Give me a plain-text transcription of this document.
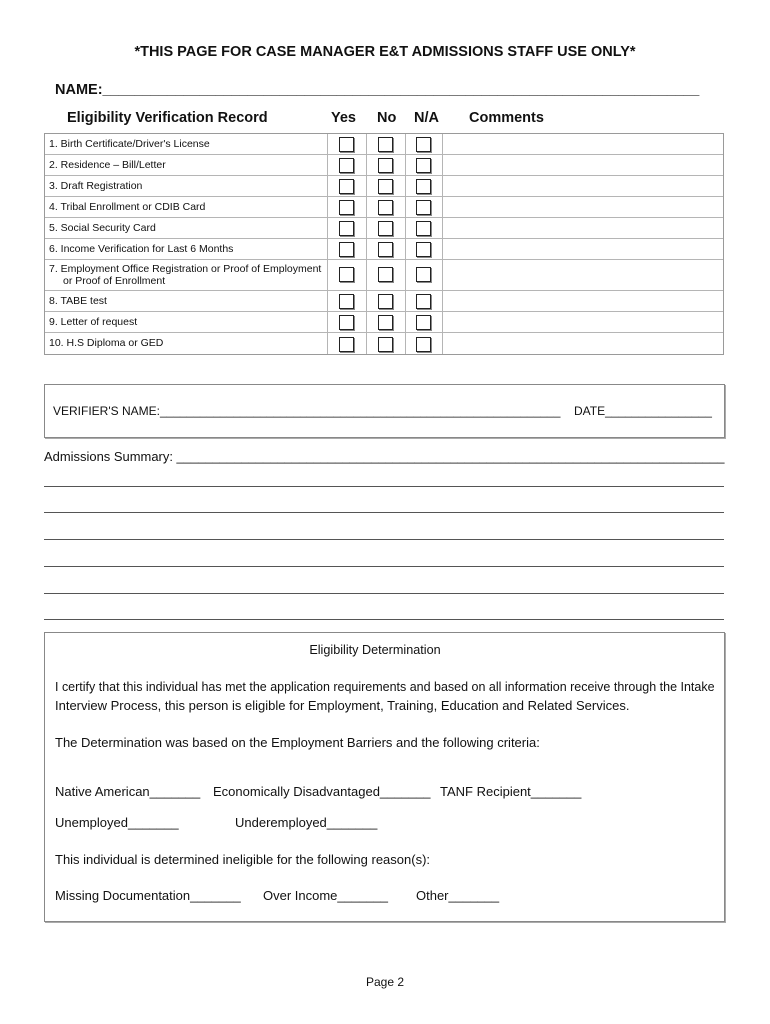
*THIS PAGE FOR CASE MANAGER E&T ADMISSIONS STAFF USE ONLY*
NAME:__________________________________________________________________________
Eligibility Verification Record	Yes No N/A Comments
1. Birth Certificate/Driver's License
2. Residence – Bill/Letter
3. Draft Registration
4. Tribal Enrollment or CDIB Card
5. Social Security Card
6. Income Verification for Last 6 Months
7. Employment Office Registration or Proof of Employment
or Proof of Enrollment
8. TABE test
9. Letter of request
10. H.S Diploma or GED
VERIFIER'S NAME:____________________________________________________________ DATE________________
Admissions Summary: ____________________________________________________________________________
Eligibility Determination
I certify that this individual has met the application requirements and based on all information receive through the Intake
Interview Process, this person is eligible for Employment, Training, Education and Related Services.
The Determination was based on the Employment Barriers and the following criteria:
Native American_______ Economically Disadvantaged_______ TANF Recipient_______
Unemployed_______	Underemployed_______
This individual is determined ineligible for the following reason(s):
Missing Documentation_______ Over Income_______ Other_______
Page 2
